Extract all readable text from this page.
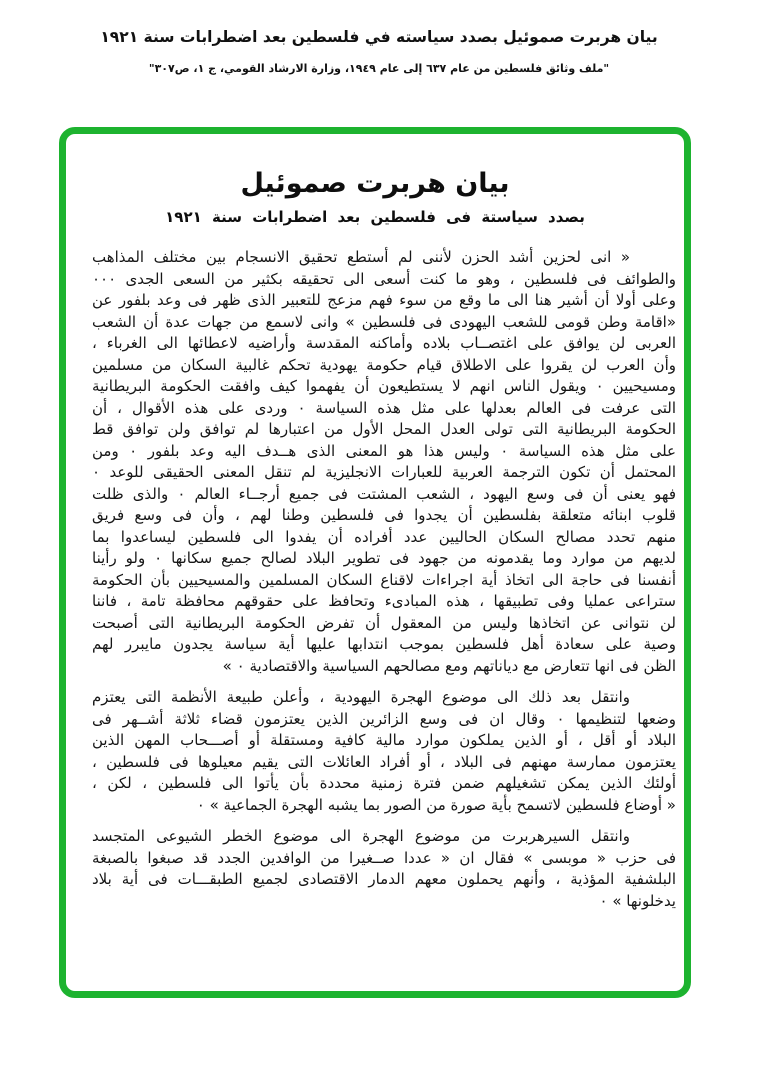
بيان هربرت صموئيل بصدد سياسته في فلسطين بعد اضطرابات سنة ١٩٢١
"ملف وثائق فلسطين من عام ٦٣٧ إلى عام ١٩٤٩، وزارة الارشاد القومي، ج ١، ص٣٠٧"
بيان هربرت صموئيل
بصدد سياستة فى فلسطين بعد اضطرابات سنة ١٩٢١
« انى لحزين أشد الحزن لأننى لم أستطع تحقيق الانسجام بين مختلف المذاهب
والطوائف فى فلسطين ، وهو ما كنت أسعى الى تحقيقه بكثير من السعى الجدى ٠٠٠
وعلى أولا أن أشير هنا الى ما وقع من سوء فهم مزعج للتعبير الذى ظهر فى وعد بلفور عن
«اقامة وطن قومى للشعب اليهودى فى فلسطين » وانى لاسمع من جهات عدة أن الشعب
العربى لن يوافق على اغتصــاب بلاده وأماكنه المقدسة وأراضيه لاعطائها الى الغرباء ،
وأن العرب لن يقروا على الاطلاق قيام حكومة يهودية تحكم غالبية السكان من مسلمين
ومسيحيين ٠ ويقول الناس انهم لا يستطيعون أن يفهموا كيف وافقت الحكومة البريطانية
التى عرفت فى العالم بعدلها على مثل هذه السياسة ٠ وردى على هذه الأقوال ، أن
الحكومة البريطانية التى تولى العدل المحل الأول من اعتبارها لم توافق ولن توافق قط
على مثل هذه السياسة ٠ وليس هذا هو المعنى الذى هــدف اليه وعد بلفور ٠ ومن
المحتمل أن تكون الترجمة العربية للعبارات الانجليزية لم تنقل المعنى الحقيقى للوعد ٠
فهو يعنى أن فى وسع اليهود ، الشعب المشتت فى جميع أرجــاء العالم ٠ والذى ظلت
قلوب ابنائه متعلقة بفلسطين أن يجدوا فى فلسطين وطنا لهم ، وأن فى وسع فريق
منهم تحدد مصالح السكان الحاليين عدد أفراده أن يفدوا الى فلسطين ليساعدوا بما
لديهم من موارد وما يقدمونه من جهود فى تطوير البلاد لصالح جميع سكانها ٠ ولو رأينا
أنفسنا فى حاجة الى اتخاذ أية اجراءات لاقناع السكان المسلمين والمسيحيين بأن الحكومة
ستراعى عمليا وفى تطبيقها ، هذه المبادىء وتحافظ على حقوقهم محافظة تامة ، فاننا
لن نتوانى عن اتخاذها وليس من المعقول أن تفرض الحكومة البريطانية التى أصبحت
وصية على سعادة أهل فلسطين بموجب انتدابها عليها أية سياسة يجدون مايبرر لهم
الظن فى انها تتعارض مع دياناتهم ومع مصالحهم السياسية والاقتصادية ٠ »
وانتقل بعد ذلك الى موضوع الهجرة اليهودية ، وأعلن طبيعة الأنظمة التى يعتزم
وضعها لتنظيمها ٠ وقال ان فى وسع الزائرين الذين يعتزمون قضاء ثلاثة أشــهر فى
البلاد أو أقل ، أو الذين يملكون موارد مالية كافية ومستقلة أو أصـــحاب المهن الذين
يعتزمون ممارسة مهنهم فى البلاد ، أو أفراد العائلات التى يقيم معيلوها فى فلسطين ،
أولئك الذين يمكن تشغيلهم ضمن فترة زمنية محددة بأن يأتوا الى فلسطين ، لكن ،
« أوضاع فلسطين لاتسمح بأية صورة من الصور بما يشبه الهجرة الجماعية » ٠
وانتقل السيرهربرت من موضوع الهجرة الى موضوع الخطر الشيوعى المتجسد
فى حزب « موبسى » فقال ان « عددا صــغيرا من الوافدين الجدد قد صبغوا بالصبغة
البلشفية المؤذية ، وأنهم يحملون معهم الدمار الاقتصادى لجميع الطبقـــات فى أية بلاد
يدخلونها » ٠
